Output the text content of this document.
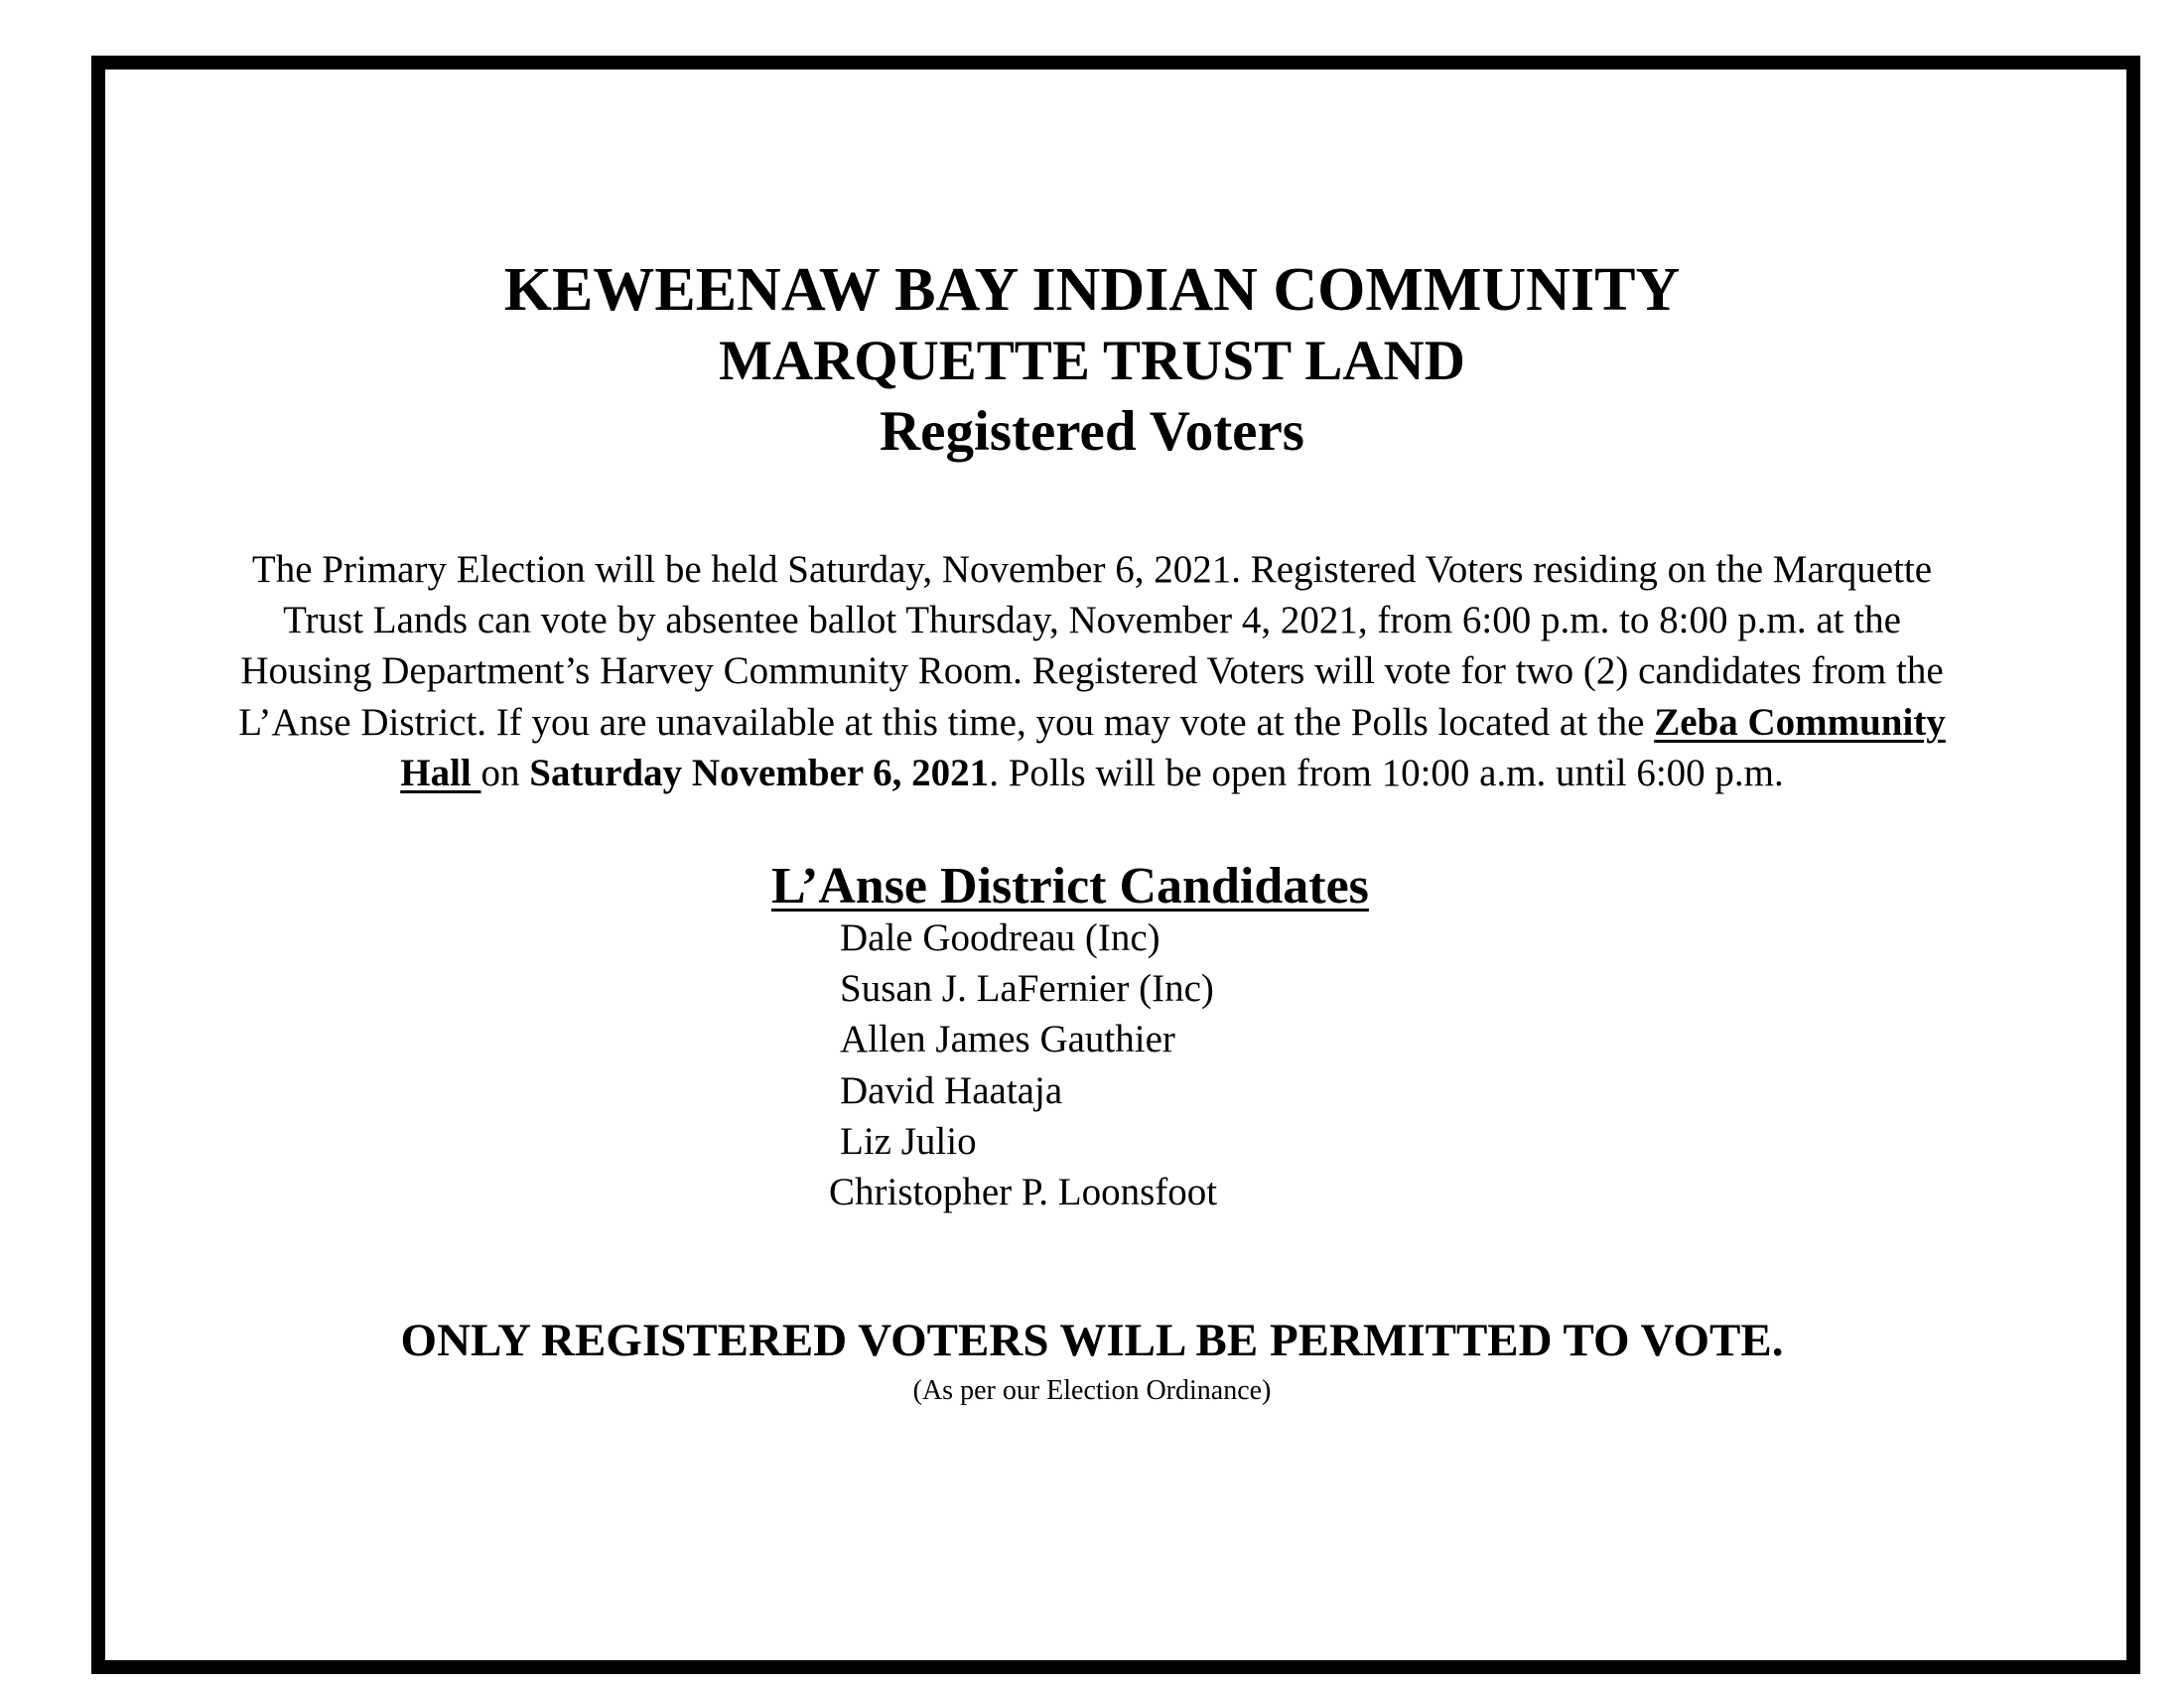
KEWEENAW BAY INDIAN COMMUNITY
MARQUETTE TRUST LAND
Registered Voters
The Primary Election will be held Saturday, November 6, 2021. Registered Voters residing on the Marquette
Trust Lands can vote by absentee ballot Thursday, November 4, 2021, from 6:00 p.m. to 8:00 p.m. at the
Housing Department’s Harvey Community Room. Registered Voters will vote for two (2) candidates from the
L’Anse District. If you are unavailable at this time, you may vote at the Polls located at the Zeba Community
Hall on Saturday November 6, 2021. Polls will be open from 10:00 a.m. until 6:00 p.m.
L’Anse District Candidates
Dale Goodreau (Inc)
Susan J. LaFernier (Inc)
Allen James Gauthier
David Haataja
Liz Julio
Christopher P. Loonsfoot
ONLY REGISTERED VOTERS WILL BE PERMITTED TO VOTE.
(As per our Election Ordinance)
